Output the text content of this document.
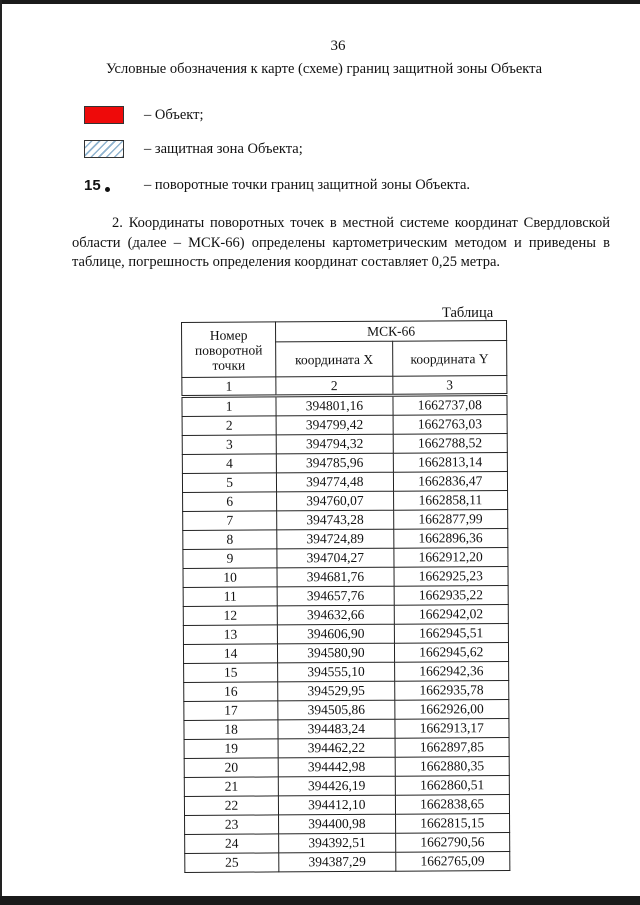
36
Условные обозначения к карте (схеме) границ защитной зоны Объекта
– Объект;
– защитная зона Объекта;
15	– поворотные точки границ защитной зоны Объекта.

2. Координаты поворотных точек в местной системе координат Свердловской области (далее – МСК-66) определены картометрическим методом и приведены в таблице, погрешность определения координат составляет 0,25 метра.

Таблица
Номер поворотной точки	МСК-66	
	координата X	координата Y
1	2	3
1	394801,16	1662737,08
2	394799,42	1662763,03
3	394794,32	1662788,52
4	394785,96	1662813,14
5	394774,48	1662836,47
6	394760,07	1662858,11
7	394743,28	1662877,99
8	394724,89	1662896,36
9	394704,27	1662912,20
10	394681,76	1662925,23
11	394657,76	1662935,22
12	394632,66	1662942,02
13	394606,90	1662945,51
14	394580,90	1662945,62
15	394555,10	1662942,36
16	394529,95	1662935,78
17	394505,86	1662926,00
18	394483,24	1662913,17
19	394462,22	1662897,85
20	394442,98	1662880,35
21	394426,19	1662860,51
22	394412,10	1662838,65
23	394400,98	1662815,15
24	394392,51	1662790,56
25	394387,29	1662765,09
